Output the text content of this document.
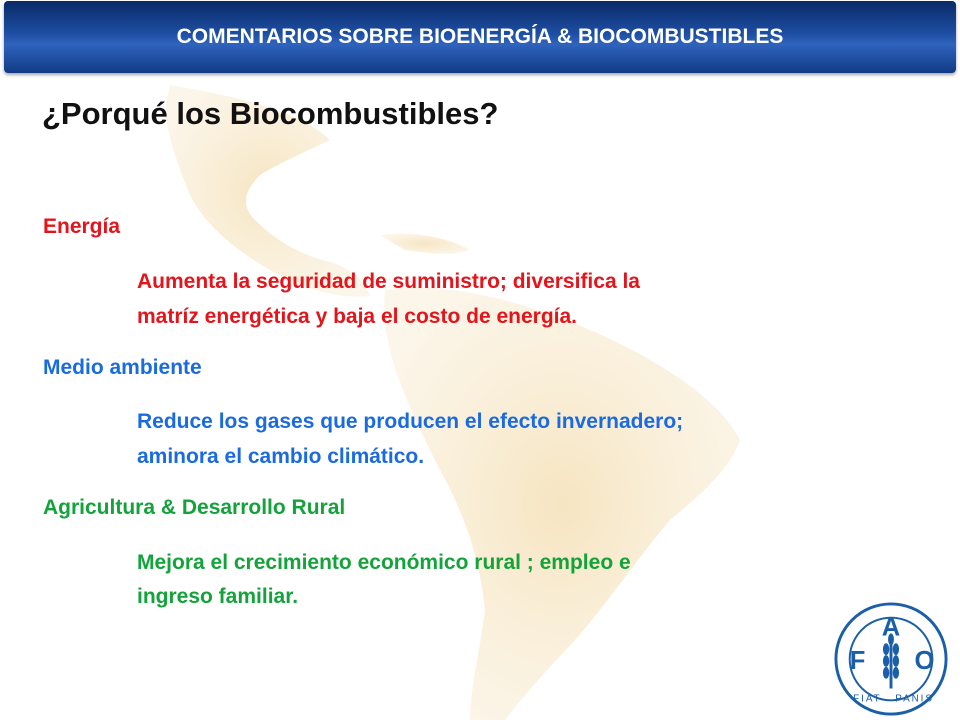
COMENTARIOS SOBRE BIOENERGÍA & BIOCOMBUSTIBLES
¿Porqué los Biocombustibles?
Energía
Aumenta la seguridad de suministro; diversifica la
matríz energética y baja el costo de energía.
Medio ambiente
Reduce los gases que producen el efecto invernadero;
aminora el cambio climático.
Agricultura & Desarrollo Rural
Mejora el crecimiento económico rural ; empleo e
ingreso familiar.
F
A
O
FIAT PANIS
